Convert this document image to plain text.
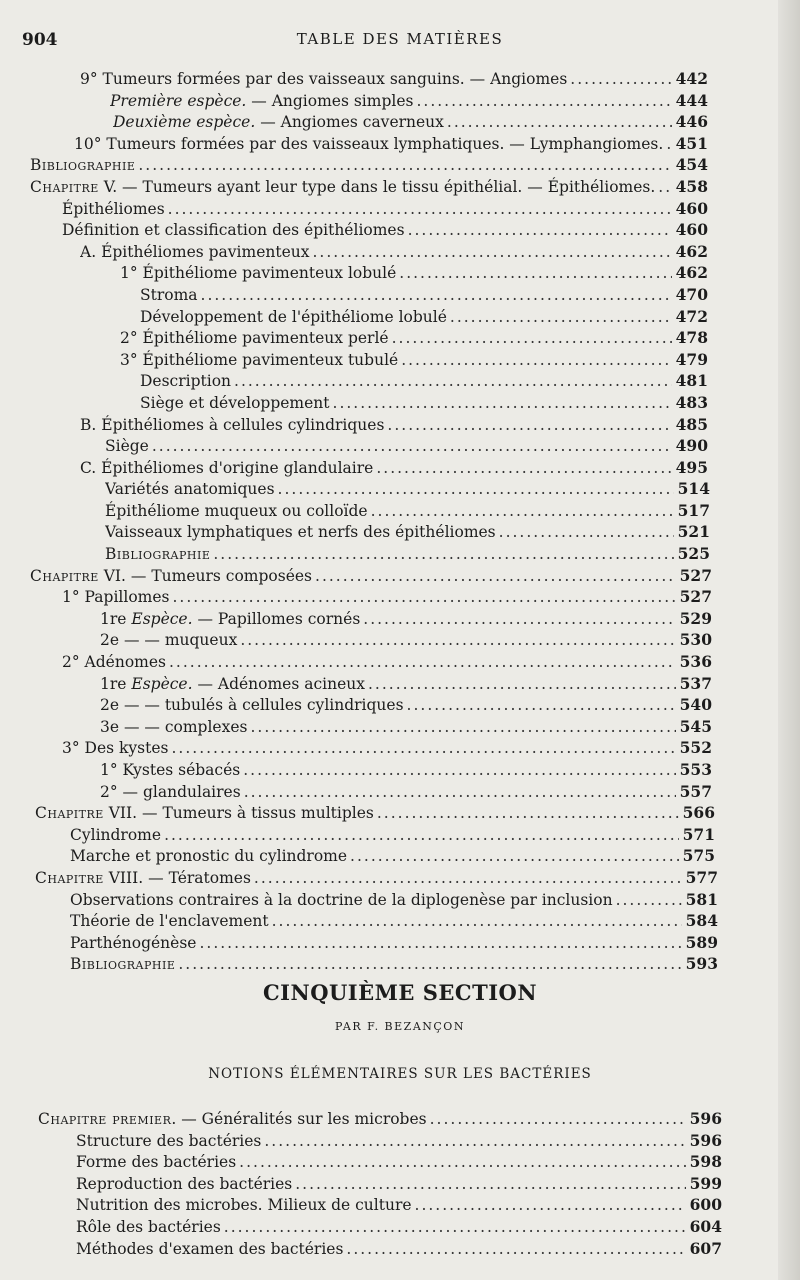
904	TABLE DES MATIÈRES
9° Tumeurs formées par des vaisseaux sanguins. — Angiomes .....	442
Première espèce. — Angiomes simples .....	444
Deuxième espèce. — Angiomes caverneux .....	446
10° Tumeurs formées par des vaisseaux lymphatiques. — Lymphangiomes. ..... 451
Bibliographie .....	454
Chapitre V. — Tumeurs ayant leur type dans le tissu épithélial. — Épithéliomes. ..... 458
Épithéliomes .....	460
Définition et classification des épithéliomes .....	460
A. Épithéliomes pavimenteux .....	462
1° Épithéliome pavimenteux lobulé .....	462
Stroma .....	470
Développement de l'épithéliome lobulé .....	472
2° Épithéliome pavimenteux perlé .....	478
3° Épithéliome pavimenteux tubulé .....	479
Description .....	481
Siège et développement .....	483
B. Épithéliomes à cellules cylindriques .....	485
Siège .....	490
C. Épithéliomes d'origine glandulaire .....	495
Variétés anatomiques .....	514
Épithéliome muqueux ou colloïde .....	517
Vaisseaux lymphatiques et nerfs des épithéliomes .....	521
Bibliographie .....	525
Chapitre VI. — Tumeurs composées .....	527
1° Papillomes .....	527
1re Espèce. — Papillomes cornés .....	529
2e — — muqueux .....	530
2° Adénomes .....	536
1re Espèce. — Adénomes acineux .....	537
2e — — tubulés à cellules cylindriques .....	540
3e — — complexes .....	545
3° Des kystes .....	552
1° Kystes sébacés .....	553
2° — glandulaires .....	557
Chapitre VII. — Tumeurs à tissus multiples .....	566
Cylindrome .....	571
Marche et pronostic du cylindrome .....	575
Chapitre VIII. — Tératomes .....	577
Observations contraires à la doctrine de la diplogenèse par inclusion .....	581
Théorie de l'enclavement .....	584
Parthénogénèse .....	589
Bibliographie .....	593
CINQUIÈME SECTION
PAR F. BEZANÇON
NOTIONS ÉLÉMENTAIRES SUR LES BACTÉRIES
Chapitre premier. — Généralités sur les microbes .....	596
Structure des bactéries .....	596
Forme des bactéries .....	598
Reproduction des bactéries .....	599
Nutrition des microbes. Milieux de culture .....	600
Rôle des bactéries .....	604
Méthodes d'examen des bactéries .....	607
